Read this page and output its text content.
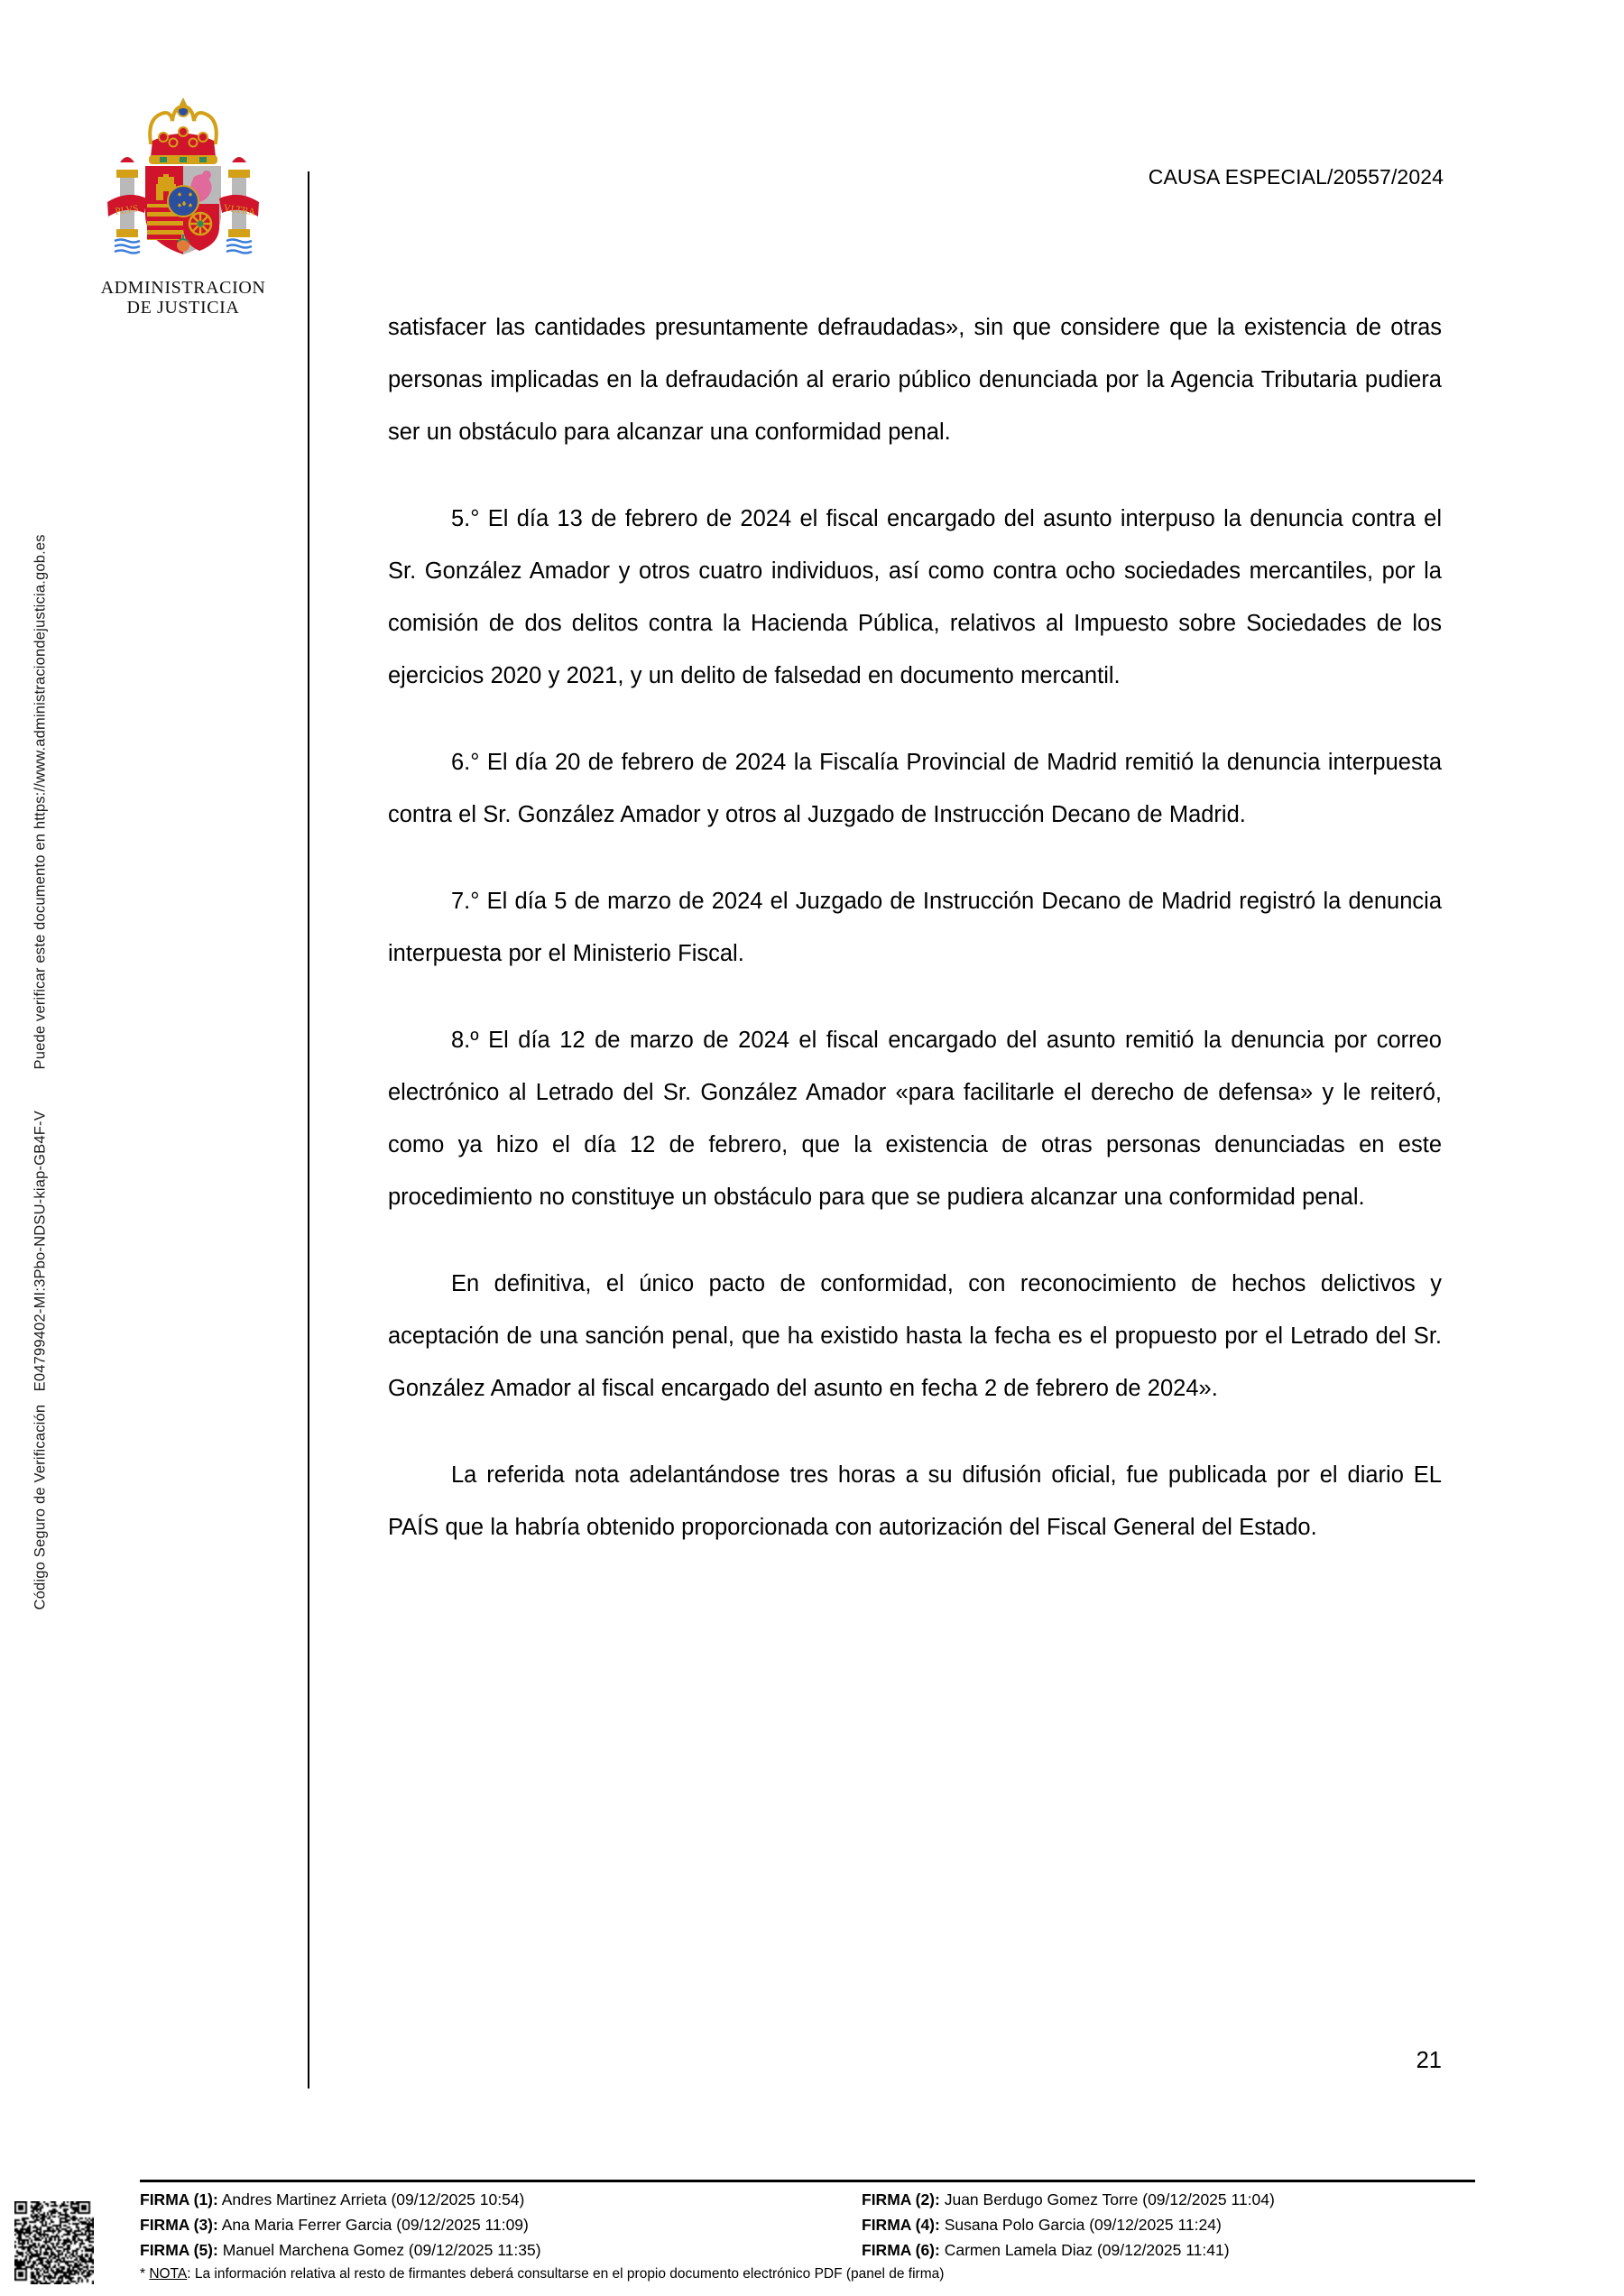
Código Seguro de Verificación   E04799402-MI:3Pbo-NDSU-kiap-GB4F-V  Puede verificar este documento en https://www.administraciondejusticia.gob.es
PLVS	VLTRA
ADMINISTRACION
DE JUSTICIA
CAUSA ESPECIAL/20557/2024

satisfacer las cantidades presuntamente defraudadas», sin que considere que la existencia de otras personas implicadas en la defraudación al erario público denunciada por la Agencia Tributaria pudiera ser un obstáculo para alcanzar una conformidad penal.

5.° El día 13 de febrero de 2024 el fiscal encargado del asunto interpuso la denuncia contra el Sr. González Amador y otros cuatro individuos, así como contra ocho sociedades mercantiles, por la comisión de dos delitos contra la Hacienda Pública, relativos al Impuesto sobre Sociedades de los ejercicios 2020 y 2021, y un delito de falsedad en documento mercantil.

6.° El día 20 de febrero de 2024 la Fiscalía Provincial de Madrid remitió la denuncia interpuesta contra el Sr. González Amador y otros al Juzgado de Instrucción Decano de Madrid.

7.° El día 5 de marzo de 2024 el Juzgado de Instrucción Decano de Madrid registró la denuncia interpuesta por el Ministerio Fiscal.

8.º El día 12 de marzo de 2024 el fiscal encargado del asunto remitió la denuncia por correo electrónico al Letrado del Sr. González Amador «para facilitarle el derecho de defensa» y le reiteró, como ya hizo el día 12 de febrero, que la existencia de otras personas denunciadas en este procedimiento no constituye un obstáculo para que se pudiera alcanzar una conformidad penal.

En definitiva, el único pacto de conformidad, con reconocimiento de hechos delictivos y aceptación de una sanción penal, que ha existido hasta la fecha es el propuesto por el Letrado del Sr. González Amador al fiscal encargado del asunto en fecha 2 de febrero de 2024».

La referida nota adelantándose tres horas a su difusión oficial, fue publicada por el diario EL PAÍS que la habría obtenido proporcionada con autorización del Fiscal General del Estado.

21
FIRMA (1): Andres Martinez Arrieta (09/12/2025 10:54)	FIRMA (2): Juan Berdugo Gomez Torre (09/12/2025 11:04)
FIRMA (3): Ana Maria Ferrer Garcia (09/12/2025 11:09)	FIRMA (4): Susana Polo Garcia (09/12/2025 11:24)
FIRMA (5): Manuel Marchena Gomez (09/12/2025 11:35)	FIRMA (6): Carmen Lamela Diaz (09/12/2025 11:41)
* NOTA: La información relativa al resto de firmantes deberá consultarse en el propio documento electrónico PDF (panel de firma)
